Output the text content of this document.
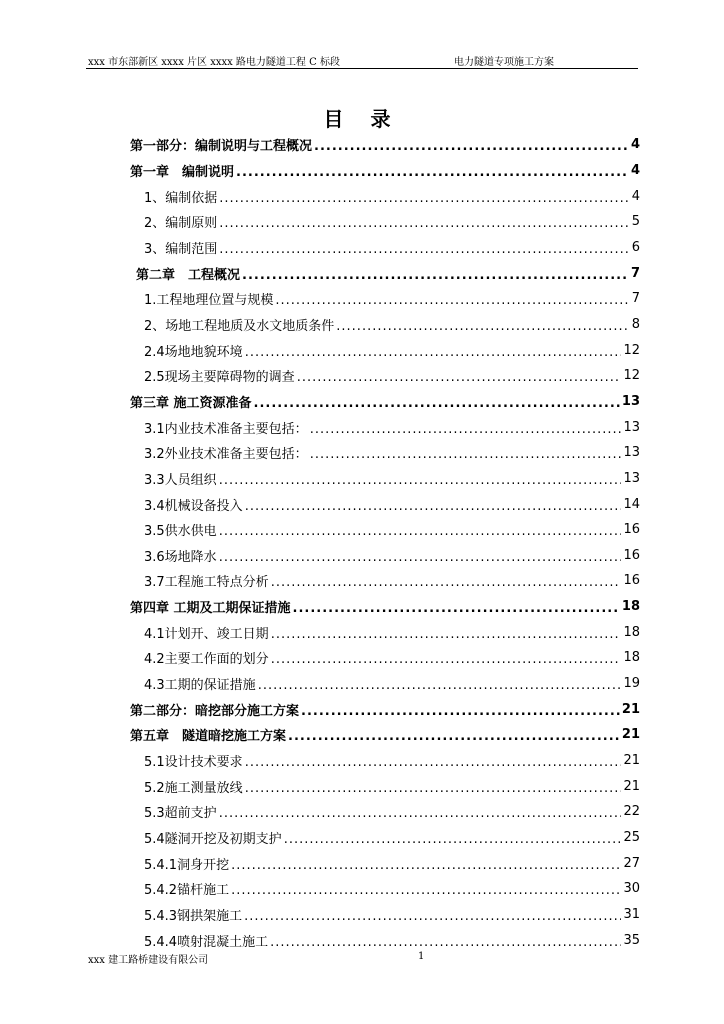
xxx 市东部新区 xxxx 片区 xxxx 路电力隧道工程 C 标段	电力隧道专项施工方案
目 录
第一部分：编制说明与工程概况 .....	4
第一章　编制说明 .....	4
1、编制依据 .....	4
2、编制原则 .....	5
3、编制范围 .....	6
第二章　工程概况 .....	7
1.工程地理位置与规模 .....	7
2、场地工程地质及水文地质条件 .....	8
2.4场地地貌环境 .....	12
2.5现场主要障碍物的调查 .....	12
第三章 施工资源准备 .....	13
3.1内业技术准备主要包括： .....	13
3.2外业技术准备主要包括： .....	13
3.3人员组织 .....	13
3.4机械设备投入 .....	14
3.5供水供电 .....	16
3.6场地降水 .....	16
3.7工程施工特点分析 .....	16
第四章 工期及工期保证措施 .....	18
4.1计划开、竣工日期 .....	18
4.2主要工作面的划分 .....	18
4.3工期的保证措施 .....	19
第二部分：暗挖部分施工方案 .....	21
第五章　隧道暗挖施工方案 .....	21
5.1设计技术要求 .....	21
5.2施工测量放线 .....	21
5.3超前支护 .....	22
5.4隧洞开挖及初期支护 .....	25
5.4.1洞身开挖 .....	27
5.4.2锚杆施工 .....	30
5.4.3钢拱架施工 .....	31
5.4.4喷射混凝土施工 .....	35
xxx 建工路桥建设有限公司	1
